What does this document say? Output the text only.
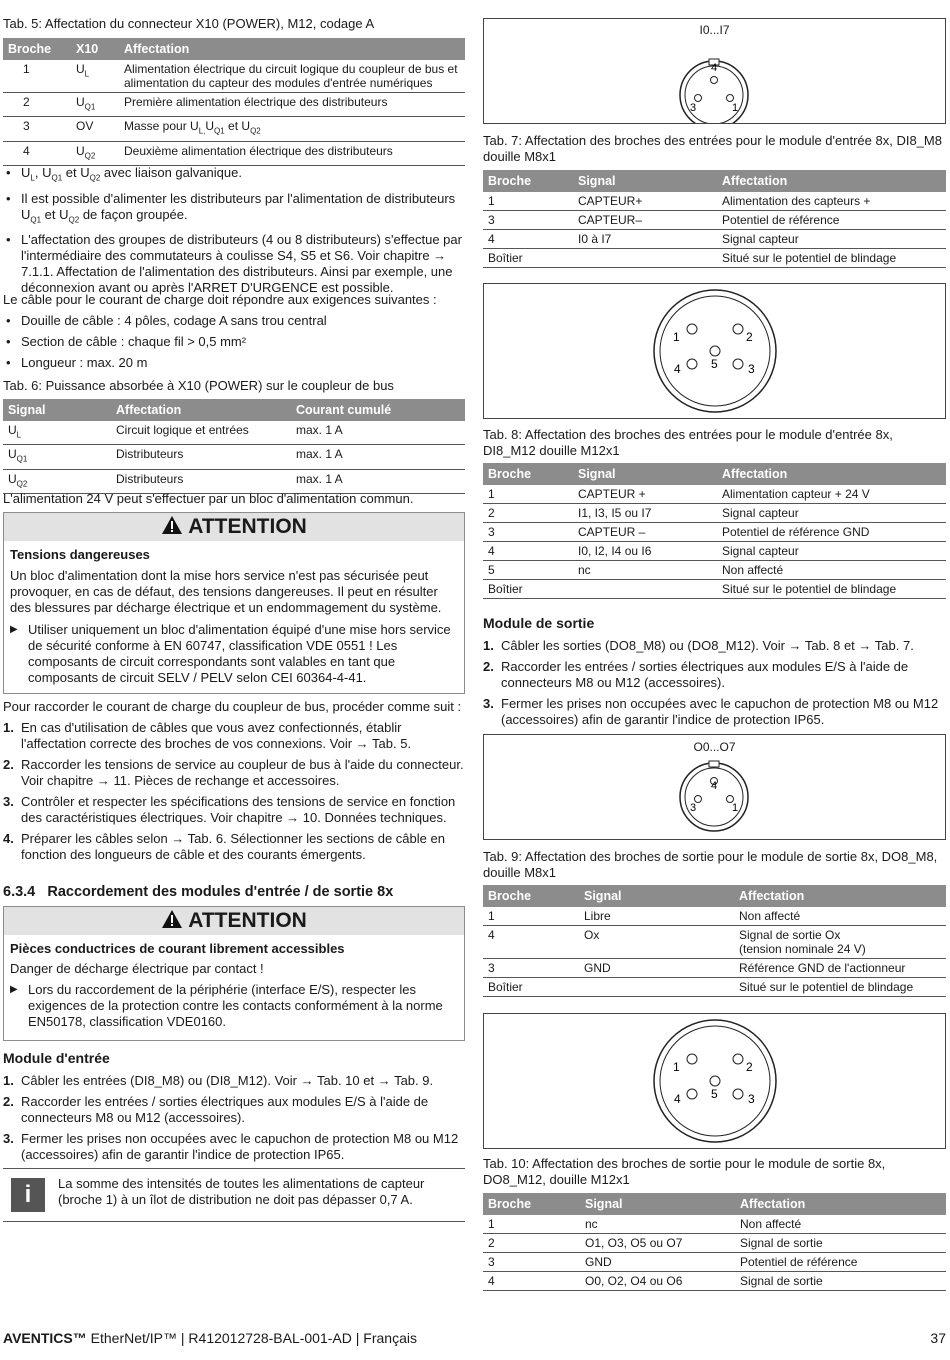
Tab. 5: Affectation du connecteur X10 (POWER), M12, codage A

Broche	X10	Affectation
1	$U_L$	Alimentation électrique du circuit logique du coupleur de bus et alimentation du capteur des modules d'entrée numériques
2	$U_{Q1}$	Première alimentation électrique des distributeurs
3	OV	Masse pour $U_{L,}U_{Q1}$ et $U_{Q2}$
4	$U_{Q2}$	Deuxième alimentation électrique des distributeurs

• $U_L$, $U_{Q1}$ et $U_{Q2}$ avec liaison galvanique.

• Il est possible d'alimenter les distributeurs par l'alimentation de distributeurs $U_{Q1}$ et $U_{Q2}$ de façon groupée.

• L'affectation des groupes de distributeurs (4 ou 8 distributeurs) s'effectue par l'intermédiaire des commutateurs à coulisse S4, S5 et S6. Voir chapitre → 7.1.1. Affectation de l'alimentation des distributeurs. Ainsi par exemple, une déconnexion avant ou après l'ARRET D'URGENCE est possible.

Le câble pour le courant de charge doit répondre aux exigences suivantes :

• Douille de câble : 4 pôles, codage A sans trou central

• Section de câble : chaque fil > 0,5 mm²

• Longueur : max. 20 m

Tab. 6: Puissance absorbée à X10 (POWER) sur le coupleur de bus

Signal	Affectation	Courant cumulé
$U_L$	Circuit logique et entrées	max. 1 A
$U_{Q1}$	Distributeurs	max. 1 A
$U_{Q2}$	Distributeurs	max. 1 A

L'alimentation 24 V peut s'effectuer par un bloc d'alimentation commun.

ATTENTION

Tensions dangereuses

Un bloc d'alimentation dont la mise hors service n'est pas sécurisée peut provoquer, en cas de défaut, des tensions dangereuses. Il peut en résulter des blessures par décharge électrique et un endommagement du système.

▶ Utiliser uniquement un bloc d'alimentation équipé d'une mise hors service de sécurité conforme à EN 60747, classification VDE 0551 ! Les composants de circuit correspondants sont valables en tant que composants de circuit SELV / PELV selon CEI 60364-4-41.

Pour raccorder le courant de charge du coupleur de bus, procéder comme suit :

1. En cas d'utilisation de câbles que vous avez confectionnés, établir l'affectation correcte des broches de vos connexions. Voir → Tab. 5.

2. Raccorder les tensions de service au coupleur de bus à l'aide du connecteur. Voir chapitre → 11. Pièces de rechange et accessoires.

3. Contrôler et respecter les spécifications des tensions de service en fonction des caractéristiques électriques. Voir chapitre → 10. Données techniques.

4. Préparer les câbles selon → Tab. 6. Sélectionner les sections de câble en fonction des longueurs de câble et des courants émergents.

6.3.4 Raccordement des modules d'entrée / de sortie 8x
ATTENTION

Pièces conductrices de courant librement accessibles

Danger de décharge électrique par contact !

▶ Lors du raccordement de la périphérie (interface E/S), respecter les exigences de la protection contre les contacts conformément à la norme EN50178, classification VDE0160.
Module d'entrée

1. Câbler les entrées (DI8_M8) ou (DI8_M12). Voir → Tab. 10 et → Tab. 9.

2. Raccorder les entrées / sorties électriques aux modules E/S à l'aide de connecteurs M8 ou M12 (accessoires).

3. Fermer les prises non occupées avec le capuchon de protection M8 ou M12 (accessoires) afin de garantir l'indice de protection IP65.

i	La somme des intensités de toutes les alimentations de capteur (broche 1) à un îlot de distribution ne doit pas dépasser 0,7 A.

I0...I7
4
3	1

Tab. 7: Affectation des broches des entrées pour le module d'entrée 8x, DI8_M8 douille M8x1

Broche	Signal	Affectation
1	CAPTEUR+	Alimentation des capteurs +
3	CAPTEUR–	Potentiel de référence
4	I0 à I7	Signal capteur
Boîtier		Situé sur le potentiel de blindage
1	2
5
4	3

Tab. 8: Affectation des broches des entrées pour le module d'entrée 8x, DI8_M12 douille M12x1

Broche	Signal	Affectation
1	CAPTEUR +	Alimentation capteur + 24 V
2	I1, I3, I5 ou I7	Signal capteur
3	CAPTEUR –	Potentiel de référence GND
4	I0, I2, I4 ou I6	Signal capteur
5	nc	Non affecté
Boîtier		Situé sur le potentiel de blindage
Module de sortie

1. Câbler les sorties (DO8_M8) ou (DO8_M12). Voir → Tab. 8 et → Tab. 7.

2. Raccorder les entrées / sorties électriques aux modules E/S à l'aide de connecteurs M8 ou M12 (accessoires).

3. Fermer les prises non occupées avec le capuchon de protection M8 ou M12 (accessoires) afin de garantir l'indice de protection IP65.

O0...O7
4
3	1

Tab. 9: Affectation des broches de sortie pour le module de sortie 8x, DO8_M8, douille M8x1

Broche	Signal	Affectation
1	Libre	Non affecté
4	Ox	Signal de sortie Ox
(tension nominale 24 V)
3	GND	Référence GND de l'actionneur
Boîtier		Situé sur le potentiel de blindage
1	2
5
4	3

Tab. 10: Affectation des broches de sortie pour le module de sortie 8x, DO8_M12, douille M12x1

Broche	Signal	Affectation
1	nc	Non affecté
2	O1, O3, O5 ou O7	Signal de sortie
3	GND	Potentiel de référence
4	O0, O2, O4 ou O6	Signal de sortie
AVENTICS™ EtherNet/IP™ | R412012728-BAL-001-AD | Français	37
